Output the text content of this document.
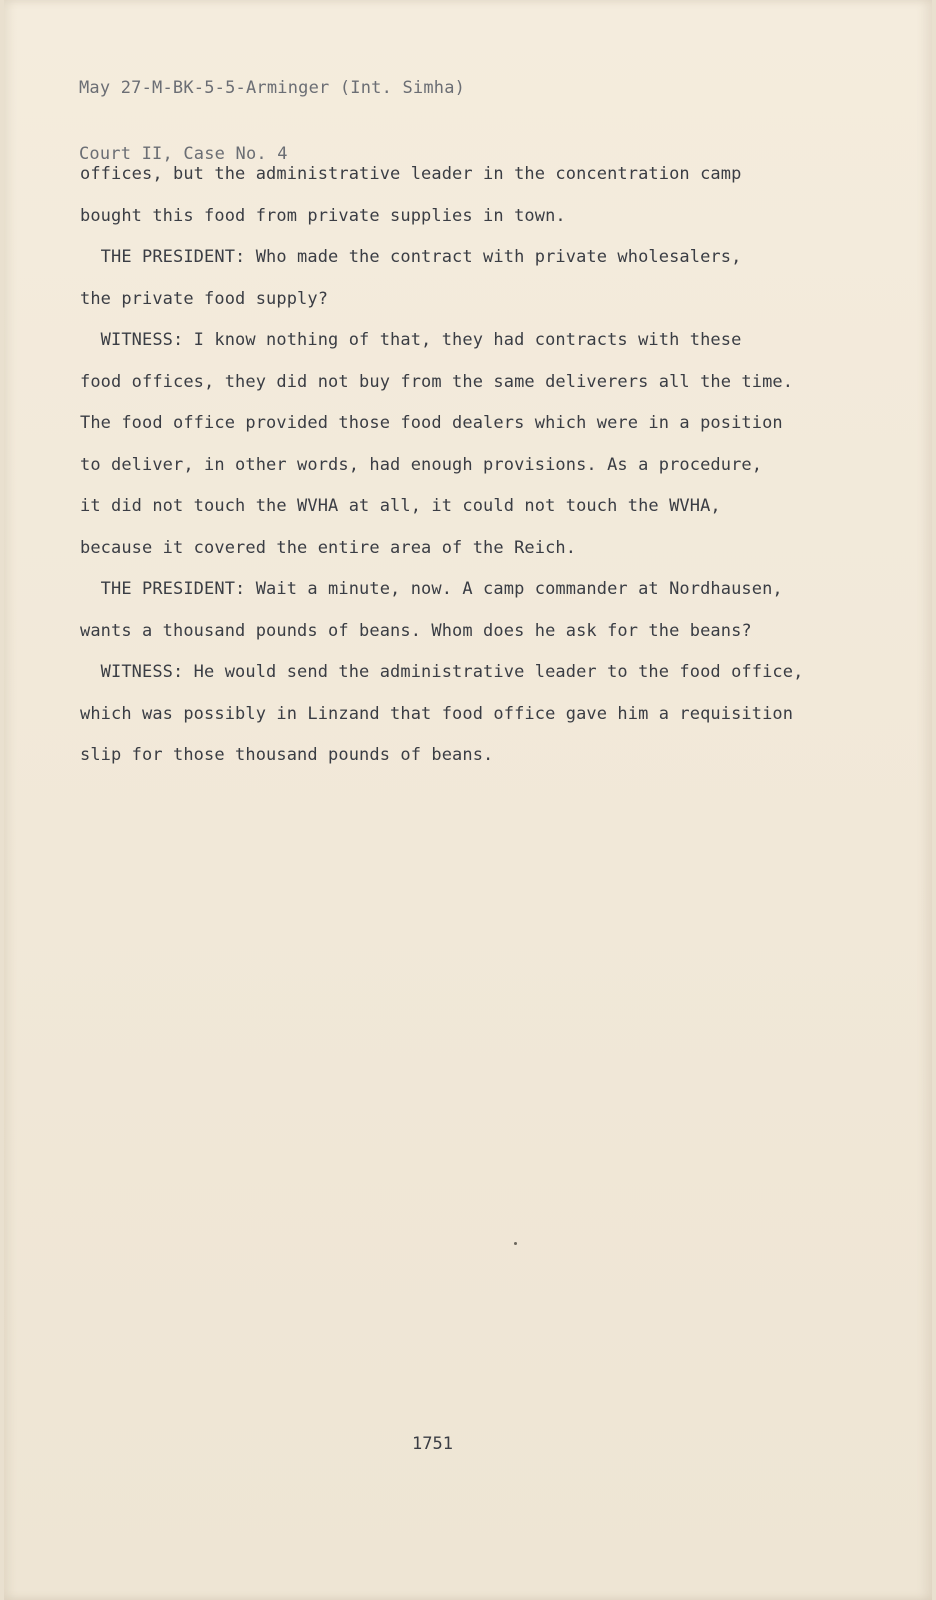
May 27-M-BK-5-5-Arminger (Int. Simha)

Court II, Case No. 4

offices, but the administrative leader in the concentration camp
bought this food from private supplies in town.
THE PRESIDENT: Who made the contract with private wholesalers,
the private food supply?
WITNESS: I know nothing of that, they had contracts with these
food offices, they did not buy from the same deliverers all the time.
The food office provided those food dealers which were in a position
to deliver, in other words, had enough provisions. As a procedure,
it did not touch the WVHA at all, it could not touch the WVHA,
because it covered the entire area of the Reich.
THE PRESIDENT: Wait a minute, now. A camp commander at Nordhausen,
wants a thousand pounds of beans. Whom does he ask for the beans?
WITNESS: He would send the administrative leader to the food office,
which was possibly in Linzand that food office gave him a requisition
slip for those thousand pounds of beans.
1751
